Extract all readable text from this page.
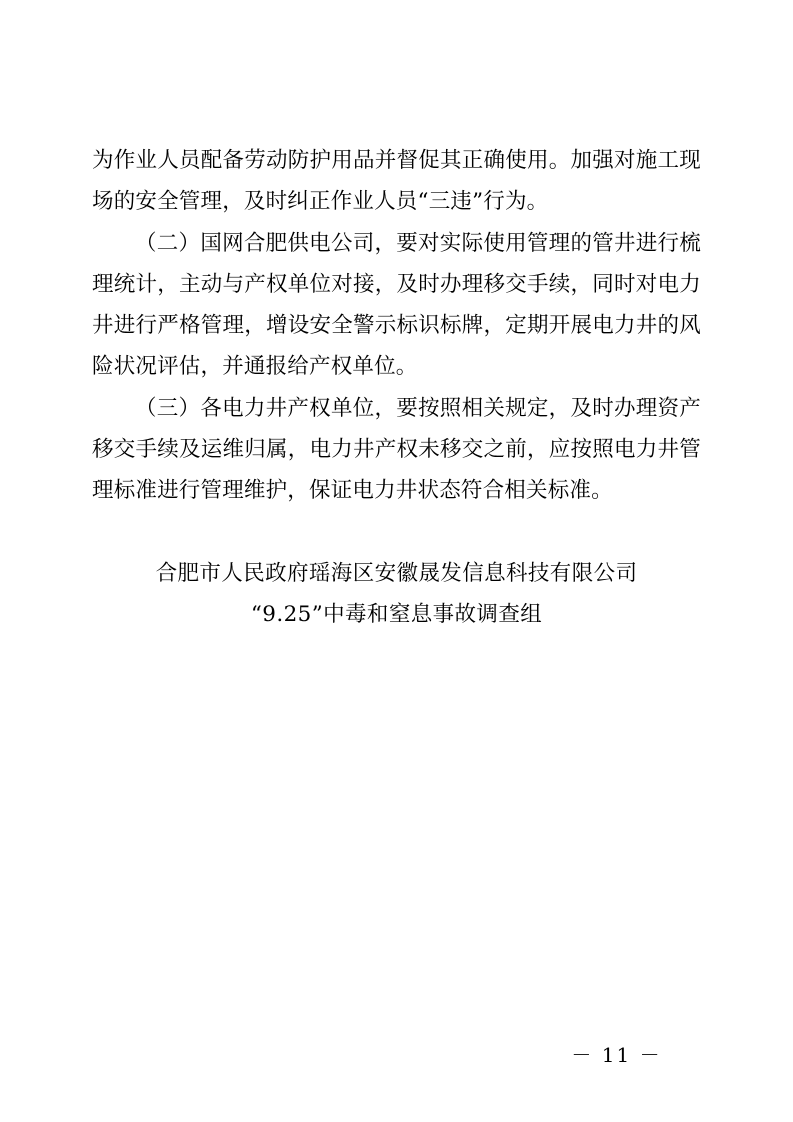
为作业人员配备劳动防护用品并督促其正确使用。加强对施工现场的安全管理，及时纠正作业人员“三违”行为。

（二）国网合肥供电公司，要对实际使用管理的管井进行梳理统计，主动与产权单位对接，及时办理移交手续，同时对电力井进行严格管理，增设安全警示标识标牌，定期开展电力井的风险状况评估，并通报给产权单位。

（三）各电力井产权单位，要按照相关规定，及时办理资产移交手续及运维归属，电力井产权未移交之前，应按照电力井管理标准进行管理维护，保证电力井状态符合相关标准。

合肥市人民政府瑶海区安徽晟发信息科技有限公司
“9.25”中毒和窒息事故调查组
－ 11 －
